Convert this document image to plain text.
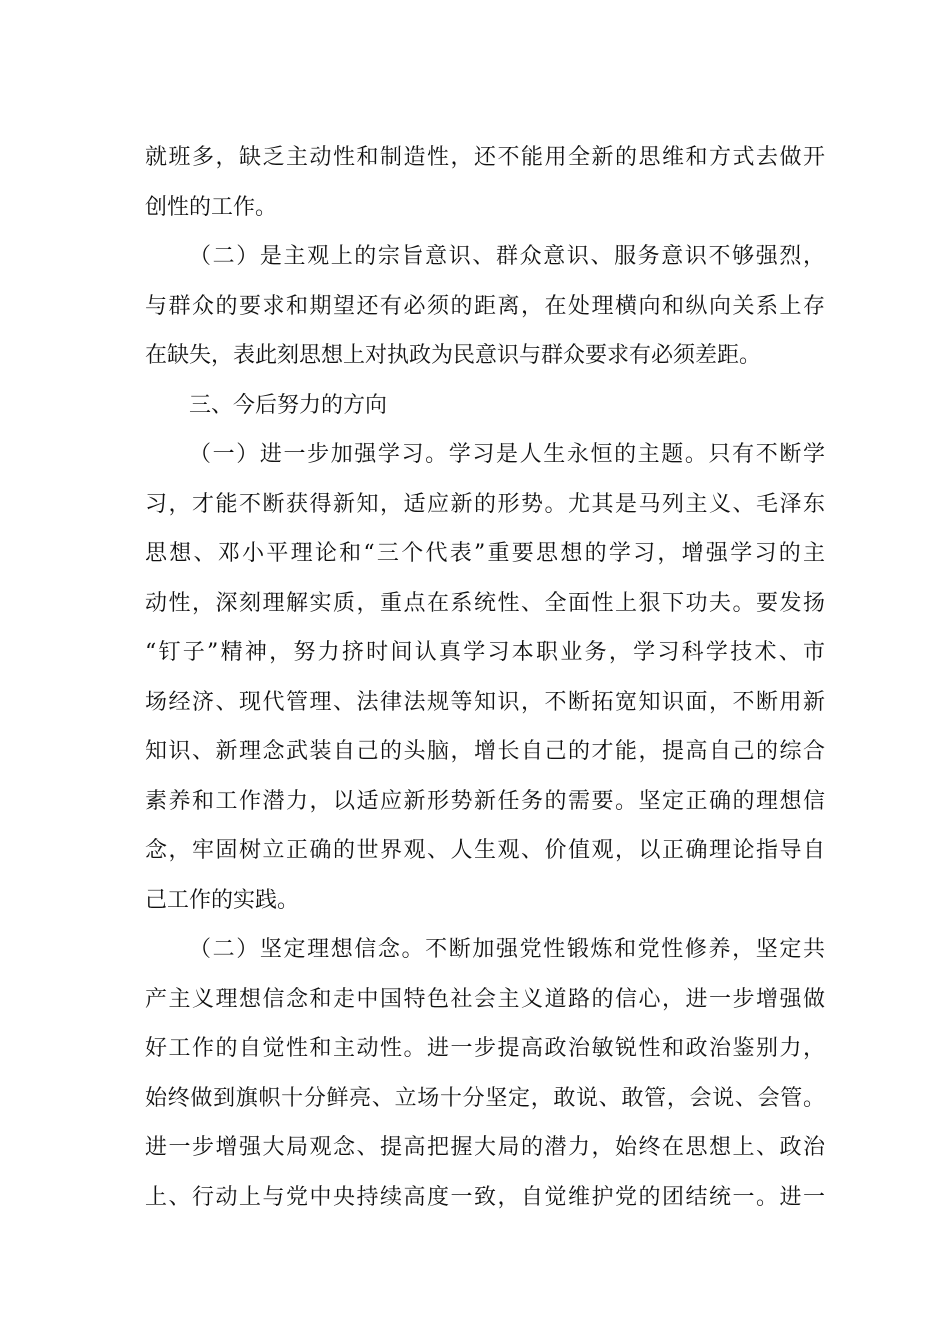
就班多，缺乏主动性和制造性，还不能用全新的思维和方式去做开
创性的工作。
（二）是主观上的宗旨意识、群众意识、服务意识不够强烈，
与群众的要求和期望还有必须的距离，在处理横向和纵向关系上存
在缺失，表此刻思想上对执政为民意识与群众要求有必须差距。
三、今后努力的方向
（一）进一步加强学习。学习是人生永恒的主题。只有不断学
习，才能不断获得新知，适应新的形势。尤其是马列主义、毛泽东
思想、邓小平理论和“三个代表”重要思想的学习，增强学习的主
动性，深刻理解实质，重点在系统性、全面性上狠下功夫。要发扬
“钉子”精神，努力挤时间认真学习本职业务，学习科学技术、市
场经济、现代管理、法律法规等知识，不断拓宽知识面，不断用新
知识、新理念武装自己的头脑，增长自己的才能，提高自己的综合
素养和工作潜力，以适应新形势新任务的需要。坚定正确的理想信
念，牢固树立正确的世界观、人生观、价值观，以正确理论指导自
己工作的实践。
（二）坚定理想信念。不断加强党性锻炼和党性修养，坚定共
产主义理想信念和走中国特色社会主义道路的信心，进一步增强做
好工作的自觉性和主动性。进一步提高政治敏锐性和政治鉴别力，
始终做到旗帜十分鲜亮、立场十分坚定，敢说、敢管，会说、会管。
进一步增强大局观念、提高把握大局的潜力，始终在思想上、政治
上、行动上与党中央持续高度一致，自觉维护党的团结统一。进一
